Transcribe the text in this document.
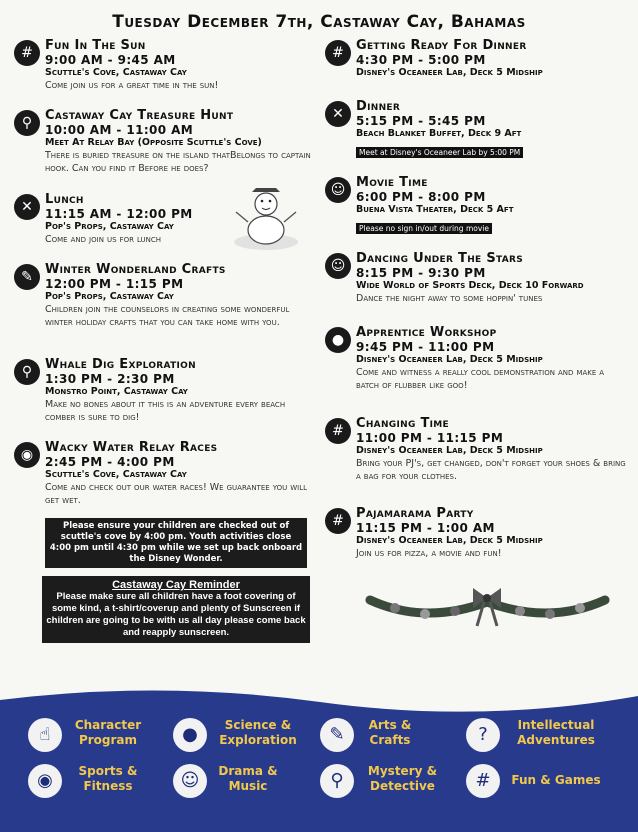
Tuesday December 7th, Castaway Cay, Bahamas
# Fun In The Sun
9:00 AM - 9:45 AM
Scuttle's Cove, Castaway Cay
Come join us for a great time in the sun!
⚲ Castaway Cay Treasure Hunt
10:00 AM - 11:00 AM
Meet At Relay Bay (Opposite Scuttle's Cove)
There is buried treasure on the island thatBelongs to captain hook. Can you find it Before he does?
✕ Lunch
11:15 AM - 12:00 PM
Pop's Props, Castaway Cay
Come and join us for lunch
✎ Winter Wonderland Crafts
12:00 PM - 1:15 PM
Pop's Props, Castaway Cay
Children join the counselors in creating some wonderful winter holiday crafts that you can take home with you.
⚲ Whale Dig Exploration
1:30 PM - 2:30 PM
Monstro Point, Castaway Cay
Make no bones about it this is an adventure every beach comber is sure to dig!
◉ Wacky Water Relay Races
2:45 PM - 4:00 PM
Scuttle's Cove, Castaway Cay
Come and check out our water races! We guarantee you will get wet.
Please ensure your children are checked out of scuttle's cove by 4:00 pm. Youth activities close 4:00 pm until 4:30 pm while we set up back onboard the Disney Wonder.
Castaway Cay Reminder
Please make sure all children have a foot covering of some kind, a t-shirt/coverup and plenty of Sunscreen if children are going to be with us all day please come back and reapply sunscreen.
# Getting Ready For Dinner
4:30 PM - 5:00 PM
Disney's Oceaneer Lab, Deck 5 Midship
✕ Dinner
5:15 PM - 5:45 PM
Beach Blanket Buffet, Deck 9 Aft
Meet at Disney's Oceaneer Lab by 5:00 PM
☺ Movie Time
6:00 PM - 8:00 PM
Buena Vista Theater, Deck 5 Aft
Please no sign in/out during movie
☺ Dancing Under The Stars
8:15 PM - 9:30 PM
Wide World of Sports Deck, Deck 10 Forward
Dance the night away to some hoppin' tunes
● Apprentice Workshop
9:45 PM - 11:00 PM
Disney's Oceaneer Lab, Deck 5 Midship
Come and witness a really cool demonstration and make a batch of flubber like goo!
# Changing Time
11:00 PM - 11:15 PM
Disney's Oceaneer Lab, Deck 5 Midship
Bring your PJ's, get changed, don't forget your shoes & bring a bag for your clothes.
# Pajamarama Party
11:15 PM - 1:00 AM
Disney's Oceaneer Lab, Deck 5 Midship
Join us for pizza, a movie and fun!
☝	Character Program	●	Science & Exploration	✎	Arts & Crafts	?	Intellectual Adventures
◉	Sports & Fitness	☺	Drama & Music	⚲	Mystery & Detective	#	Fun & Games
